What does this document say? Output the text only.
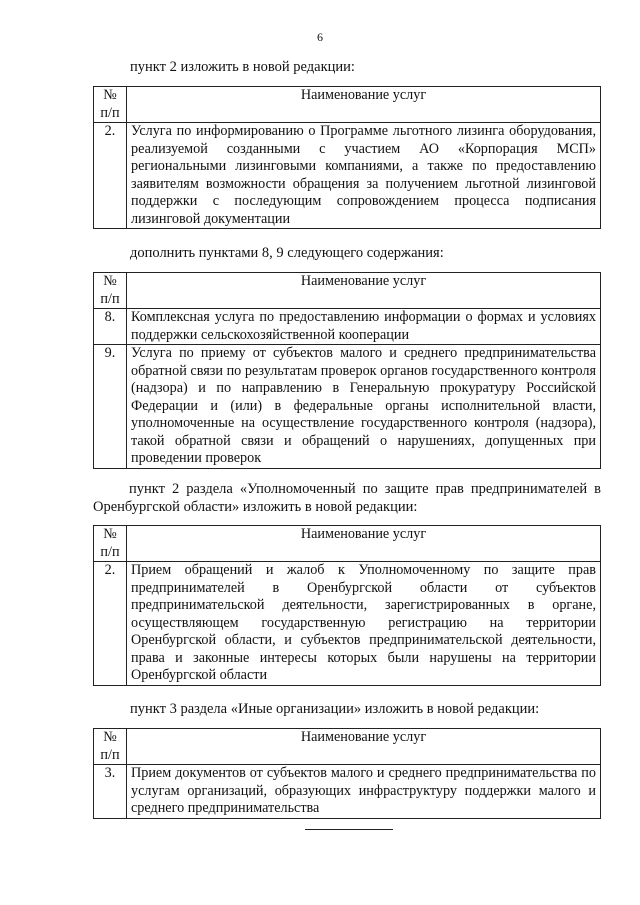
6
пункт 2 изложить в новой редакции:
№ п/п	Наименование услуг
2.	Услуга по информированию о Программе льготного лизинга оборудования, реализуемой созданными с участием АО «Корпорация МСП» региональными лизинговыми компаниями, а также по предоставлению заявителям возможности обращения за получением льготной лизинговой поддержки с последующим сопровождением процесса подписания лизинговой документации
дополнить пунктами 8, 9 следующего содержания:
№ п/п	Наименование услуг
8.	Комплексная услуга по предоставлению информации о формах и условиях поддержки сельскохозяйственной кооперации
9.	Услуга по приему от субъектов малого и среднего предпринимательства обратной связи по результатам проверок органов государственного контроля (надзора) и по направлению в Генеральную прокуратуру Российской Федерации и (или) в федеральные органы исполнительной власти, уполномоченные на осуществление государственного контроля (надзора), такой обратной связи и обращений о нарушениях, допущенных при проведении проверок
пункт 2 раздела «Уполномоченный по защите прав предпринимателей в Оренбургской области» изложить в новой редакции:
№ п/п	Наименование услуг
2.	Прием обращений и жалоб к Уполномоченному по защите прав предпринимателей в Оренбургской области от субъектов предпринимательской деятельности, зарегистрированных в органе, осуществляющем государственную регистрацию на территории Оренбургской области, и субъектов предпринимательской деятельности, права и законные интересы которых были нарушены на территории Оренбургской области
пункт 3 раздела «Иные организации» изложить в новой редакции:
№ п/п	Наименование услуг
3.	Прием документов от субъектов малого и среднего предпринимательства по услугам организаций, образующих инфраструктуру поддержки малого и среднего предпринимательства
